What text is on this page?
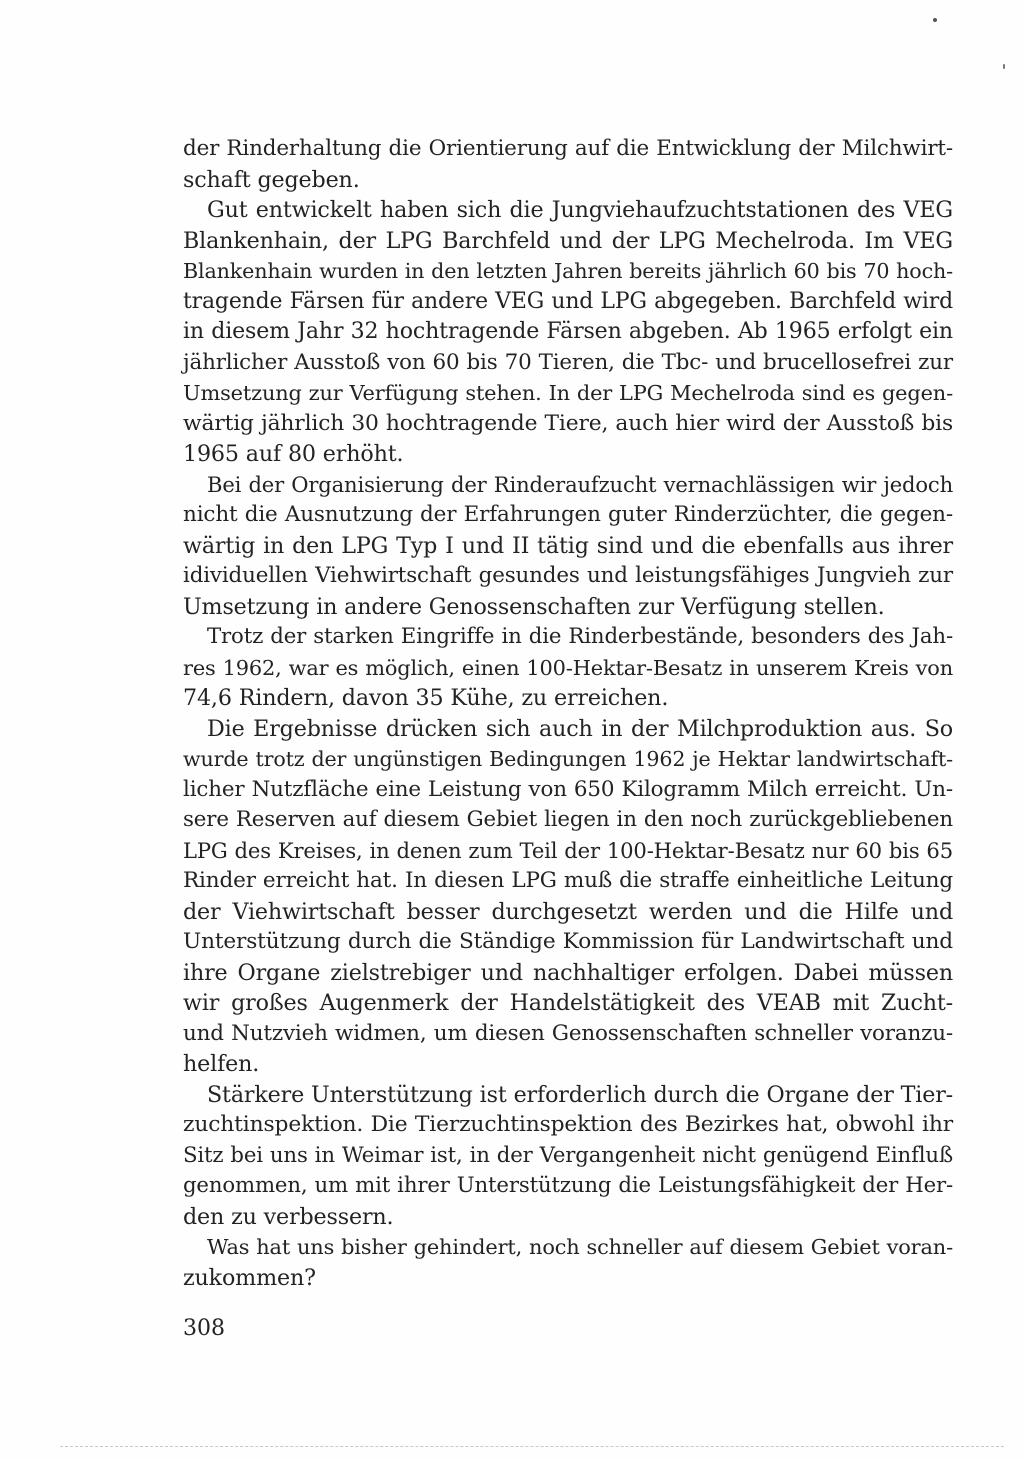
der Rinderhaltung die Orientierung auf die Entwicklung der Milchwirt-
schaft gegeben.
Gut entwickelt haben sich die Jungviehaufzuchtstationen des VEG
Blankenhain, der LPG Barchfeld und der LPG Mechelroda. Im VEG
Blankenhain wurden in den letzten Jahren bereits jährlich 60 bis 70 hoch-
tragende Färsen für andere VEG und LPG abgegeben. Barchfeld wird
in diesem Jahr 32 hochtragende Färsen abgeben. Ab 1965 erfolgt ein
jährlicher Ausstoß von 60 bis 70 Tieren, die Tbc- und brucellosefrei zur
Umsetzung zur Verfügung stehen. In der LPG Mechelroda sind es gegen-
wärtig jährlich 30 hochtragende Tiere, auch hier wird der Ausstoß bis
1965 auf 80 erhöht.
Bei der Organisierung der Rinderaufzucht vernachlässigen wir jedoch
nicht die Ausnutzung der Erfahrungen guter Rinderzüchter, die gegen-
wärtig in den LPG Typ I und II tätig sind und die ebenfalls aus ihrer
idividuellen Viehwirtschaft gesundes und leistungsfähiges Jungvieh zur
Umsetzung in andere Genossenschaften zur Verfügung stellen.
Trotz der starken Eingriffe in die Rinderbestände, besonders des Jah-
res 1962, war es möglich, einen 100-Hektar-Besatz in unserem Kreis von
74,6 Rindern, davon 35 Kühe, zu erreichen.
Die Ergebnisse drücken sich auch in der Milchproduktion aus. So
wurde trotz der ungünstigen Bedingungen 1962 je Hektar landwirtschaft-
licher Nutzfläche eine Leistung von 650 Kilogramm Milch erreicht. Un-
sere Reserven auf diesem Gebiet liegen in den noch zurückgebliebenen
LPG des Kreises, in denen zum Teil der 100-Hektar-Besatz nur 60 bis 65
Rinder erreicht hat. In diesen LPG muß die straffe einheitliche Leitung
der Viehwirtschaft besser durchgesetzt werden und die Hilfe und
Unterstützung durch die Ständige Kommission für Landwirtschaft und
ihre Organe zielstrebiger und nachhaltiger erfolgen. Dabei müssen
wir großes Augenmerk der Handelstätigkeit des VEAB mit Zucht-
und Nutzvieh widmen, um diesen Genossenschaften schneller voranzu-
helfen.
Stärkere Unterstützung ist erforderlich durch die Organe der Tier-
zuchtinspektion. Die Tierzuchtinspektion des Bezirkes hat, obwohl ihr
Sitz bei uns in Weimar ist, in der Vergangenheit nicht genügend Einfluß
genommen, um mit ihrer Unterstützung die Leistungsfähigkeit der Her-
den zu verbessern.
Was hat uns bisher gehindert, noch schneller auf diesem Gebiet voran-
zukommen?
308
